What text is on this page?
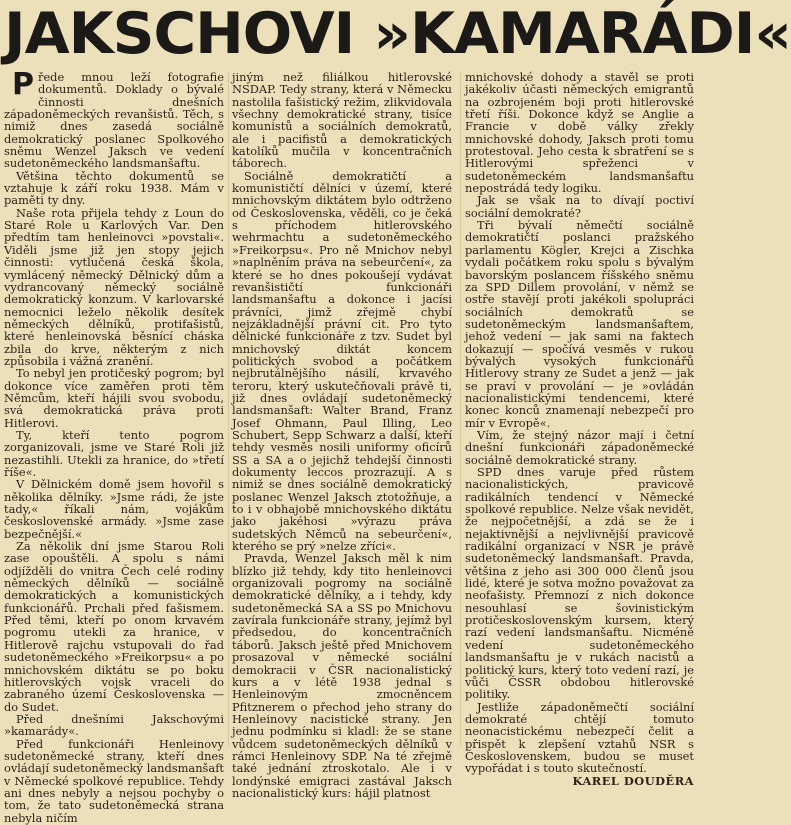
JAKSCHOVI »KAMARÁDI«

Přede mnou leží fotografie dokumentů. Doklady o bývalé činnosti dnešních západoněmeckých revanšistů. Těch, s nimiž dnes zasedá sociálně demokratický poslanec Spolkového sněmu Wenzel Jaksch ve vedení sudetoněmeckého landsmanšaftu.

Většina těchto dokumentů se vztahuje k září roku 1938. Mám v paměti ty dny.

Naše rota přijela tehdy z Loun do Staré Role u Karlových Var. Den předtím tam henleinovci »povstali«. Viděli jsme již jen stopy jejich činnosti: vytlučená česká škola, vymlácený německý Dělnický dům a vydrancovaný německý sociálně demokratický konzum. V karlovarské nemocnici leželo několik desítek německých dělníků, protifašistů, které henleinovská běsnící cháska zbila do krve, některým z nich způsobila i vážná zranění.

To nebyl jen protičeský pogrom; byl dokonce více zaměřen proti těm Němcům, kteří hájili svou svobodu, svá demokratická práva proti Hitlerovi.

Ty, kteří tento pogrom zorganizovali, jsme ve Staré Roli již nezastihli. Utekli za hranice, do »třetí říše«.

V Dělnickém domě jsem hovořil s několika dělníky. »Jsme rádi, že jste tady,« říkali nám, vojákům československé armády. »Jsme zase bezpečnější.«

Za několik dní jsme Starou Roli zase opouštěli. A spolu s námi odjížděli do vnitra Čech celé rodiny německých dělníků — sociálně demokratických a komunistických funkcionářů. Prchali před fašismem. Před těmi, kteří po onom krvavém pogromu utekli za hranice, v Hitlerově rajchu vstupovali do řad sudetoněmeckého »Freikorpsu« a po mnichovském diktátu se po boku hitlerovských vojsk vraceli do zabraného území Československa — do Sudet.

Před dnešními Jakschovými »kamarády«.

Před funkcionáři Henleinovy sudetoněmecké strany, kteří dnes ovládají sudetoněmecký landsmanšaft v Německé spolkové republice. Tehdy ani dnes nebyly a nejsou pochyby o tom, že tato sudetoněmecká strana nebyla ničím

jiným než filiálkou hitlerovské NSDAP. Tedy strany, která v Německu nastolila fašistický režim, zlikvidovala všechny demokratické strany, tisíce komunistů a sociálních demokratů, ale i pacifistů a demokratických katolíků mučila v koncentračních táborech.

Sociálně demokratičtí a komunističtí dělníci v území, které mnichovským diktátem bylo odtrženo od Československa, věděli, co je čeká s příchodem hitlerovského wehrmachtu a sudetoněmeckého »Freikorpsu«. Pro ně Mnichov nebyl »naplněním práva na sebeurčení«, za které se ho dnes pokoušejí vydávat revanšističtí funkcionáři landsmanšaftu a dokonce i jacísi právníci, jimž zřejmě chybí nejzákladnější právní cit. Pro tyto dělnické funkcionáře z tzv. Sudet byl mnichovský diktát koncem politických svobod a počátkem nejbrutálnějšího násilí, krvavého teroru, který uskutečňovali právě ti, již dnes ovládají sudetoněmecký landsmanšaft: Walter Brand, Franz Josef Ohmann, Paul Illing, Leo Schubert, Sepp Schwarz a další, kteří tehdy vesměs nosili uniformy oficírů SS a SA a o jejichž tehdejší činnosti dokumenty leccos prozrazují. A s nimiž se dnes sociálně demokratický poslanec Wenzel Jaksch ztotožňuje, a to i v obhajobě mnichovského diktátu jako jakéhosi »výrazu práva sudetských Němců na sebeurčení«, kterého se prý »nelze zříci«.

Pravda, Wenzel Jaksch měl k nim blízko již tehdy, kdy tito henleinovci organizovali pogromy na sociálně demokratické dělníky, a i tehdy, kdy sudetoněmecká SA a SS po Mnichovu zavírala funkcionáře strany, jejímž byl předsedou, do koncentračních táborů. Jaksch ještě před Mnichovem prosazoval v německé sociální demokracii v ČSR nacionalistický kurs a v létě 1938 jednal s Henleinovým zmocněncem Pfitznerem o přechod jeho strany do Henleinovy nacistické strany. Jen jednu podmínku si kladl: že se stane vůdcem sudetoněmeckých dělníků v rámci Henleinovy SDP. Na té zřejmě také jednání ztroskotalo. Ale i v londýnské emigraci zastával Jaksch nacionalistický kurs: hájil platnost

mnichovské dohody a stavěl se proti jakékoliv účasti německých emigrantů na ozbrojeném boji proti hitlerovské třetí říši. Dokonce když se Anglie a Francie v době války zřekly mnichovské dohody, Jaksch proti tomu protestoval. Jeho cesta k sbratření se s Hitlerovými spřeženci v sudetoněmeckém landsmanšaftu nepostrádá tedy logiku.

Jak se však na to dívají poctiví sociální demokraté?

Tři bývalí němečtí sociálně demokratičtí poslanci pražského parlamentu Kögler, Krejci a Zischka vydali počátkem roku spolu s bývalým bavorským poslancem říšského sněmu za SPD Dillem provolání, v němž se ostře stavějí proti jakékoli spolupráci sociálních demokratů se sudetoněmeckým landsmanšaftem, jehož vedení — jak sami na faktech dokazují — spočívá vesměs v rukou bývalých vysokých funkcionářů Hitlerovy strany ze Sudet a jenž — jak se praví v provolání — je »ovládán nacionalistickými tendencemi, které konec konců znamenají nebezpečí pro mír v Evropě«.

Vím, že stejný názor mají i četní dnešní funkcionáři západoněmecké sociálně demokratické strany.

SPD dnes varuje před růstem nacionalistických, pravicově radikálních tendencí v Německé spolkové republice. Nelze však nevidět, že nejpočetnější, a zdá se že i nejaktivnější a nejvlivnější pravicově radikální organizací v NSR je právě sudetoněmecký landsmanšaft. Pravda, většina z jeho asi 300 000 členů jsou lidé, které je sotva možno považovat za neofašisty. Přemnozí z nich dokonce nesouhlasí se šovinistickým protičeskoslovenským kursem, který razí vedení landsmanšaftu. Nicméně vedení sudetoněmeckého landsmanšaftu je v rukách nacistů a politický kurs, který toto vedení razí, je vůči ČSSR obdobou hitlerovské politiky.

Jestliže západoněmečtí sociální demokraté chtějí tomuto neonacistickému nebezpečí čelit a přispět k zlepšení vztahů NSR s Československem, budou se muset vypořádat i s touto skutečností.
KAREL DOUDĚRA
